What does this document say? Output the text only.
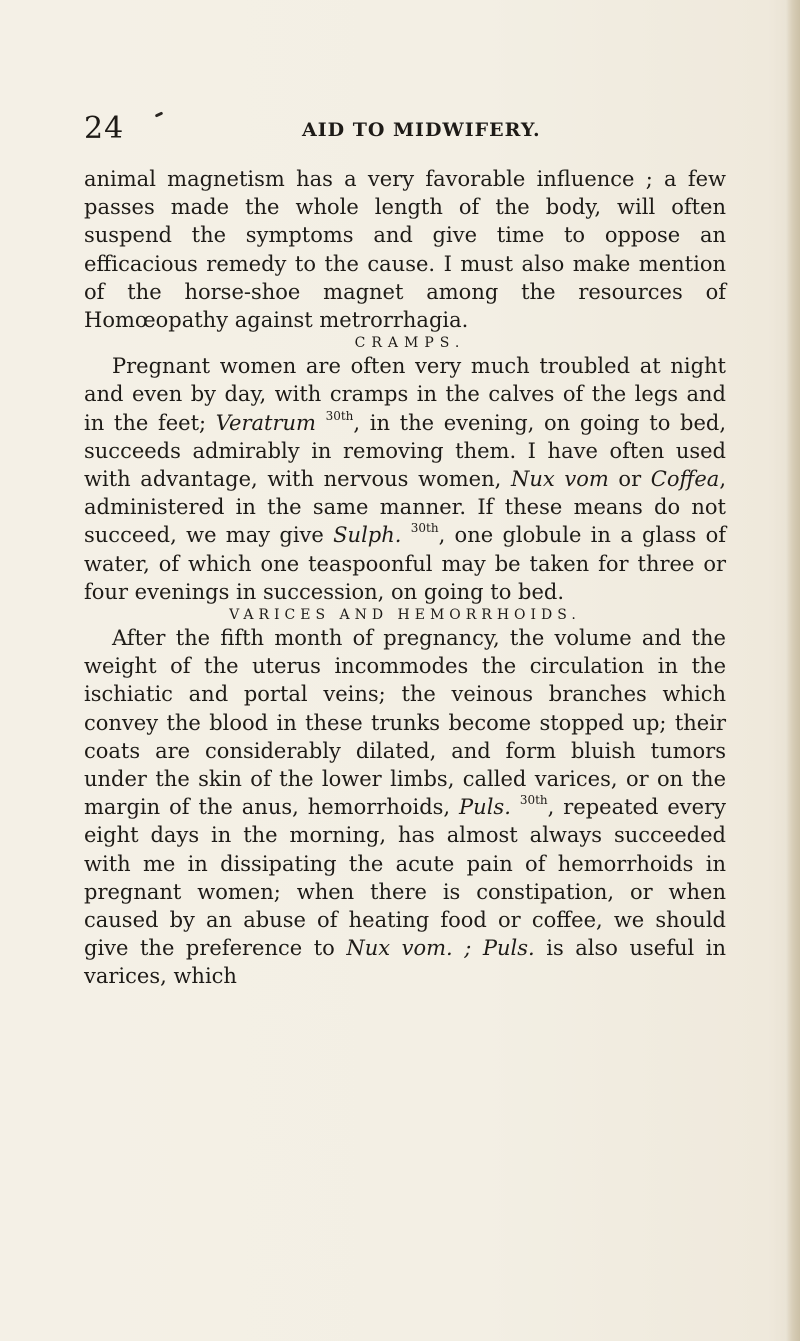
24	AID TO MIDWIFERY.

animal magnetism has a very favorable influence ; a few passes made the whole length of the body, will often suspend the symptoms and give time to oppose an efficacious remedy to the cause. I must also make mention of the horse-shoe magnet among the resources of Homœopathy against metrorrhagia.

CRAMPS.

Pregnant women are often very much troubled at night and even by day, with cramps in the calves of the legs and in the feet; Veratrum $^{30th}$, in the evening, on going to bed, succeeds admirably in removing them. I have often used with advantage, with nervous women, Nux vom or Coffea, administered in the same manner. If these means do not succeed, we may give Sulph. $^{30th}$, one globule in a glass of water, of which one teaspoonful may be taken for three or four evenings in succession, on going to bed.

VARICES AND HEMORRHOIDS.

After the fifth month of pregnancy, the volume and the weight of the uterus incommodes the circulation in the ischiatic and portal veins; the veinous branches which convey the blood in these trunks become stopped up; their coats are considerably dilated, and form bluish tumors under the skin of the lower limbs, called varices, or on the margin of the anus, hemorrhoids, Puls. $^{30th}$, repeated every eight days in the morning, has almost always succeeded with me in dissipating the acute pain of hemorrhoids in pregnant women; when there is constipation, or when caused by an abuse of heating food or coffee, we should give the preference to Nux vom. ; Puls. is also useful in varices, which
